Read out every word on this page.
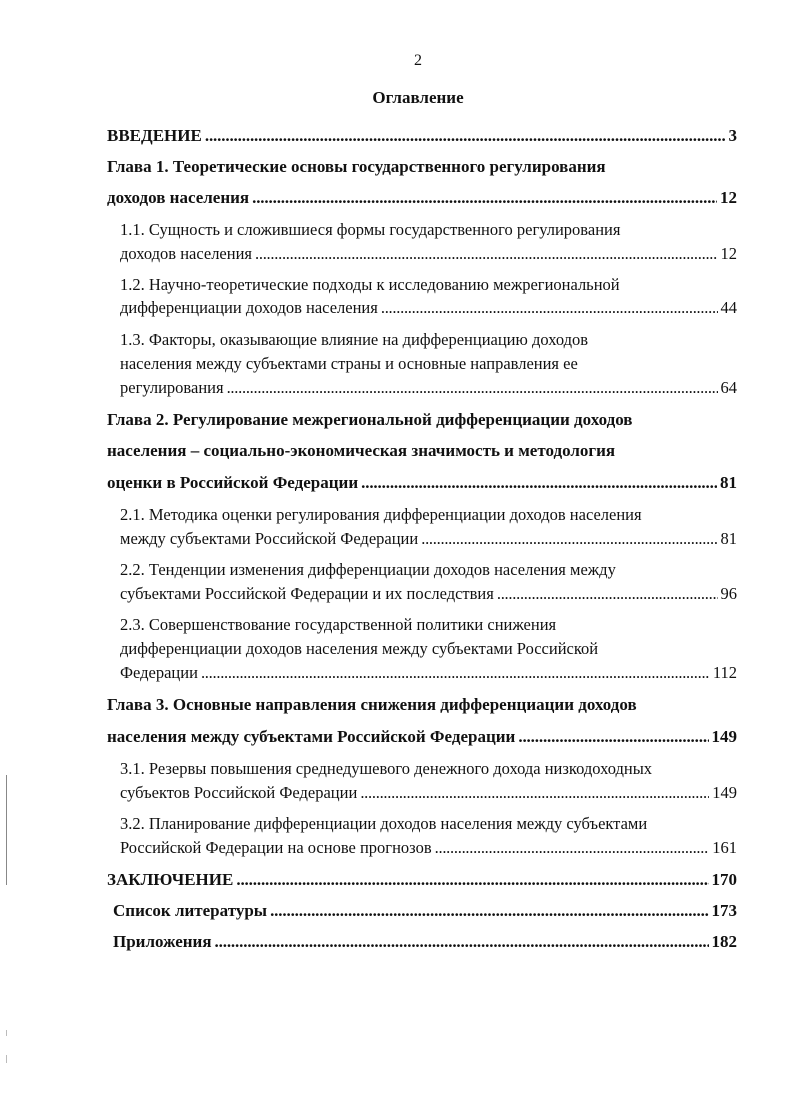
2
Оглавление
ВВЕДЕНИЕ . . .	3
Глава 1. Теоретические основы государственного регулирования
доходов населения . . .	12
1.1. Сущность и сложившиеся формы государственного регулирования
доходов населения . . .	12
1.2. Научно-теоретические подходы к исследованию межрегиональной
дифференциации доходов населения . . .	44
1.3. Факторы, оказывающие влияние на дифференциацию доходов
населения между субъектами страны и основные направления ее
регулирования . . .	64
Глава 2. Регулирование межрегиональной дифференциации доходов
населения – социально-экономическая значимость и методология
оценки в Российской Федерации . . .	81
2.1. Методика оценки регулирования дифференциации доходов населения
между субъектами Российской Федерации . . .	81
2.2. Тенденции изменения дифференциации доходов населения между
субъектами Российской Федерации и их последствия . . .	96
2.3. Совершенствование государственной политики снижения
дифференциации доходов населения между субъектами Российской
Федерации . . .	112
Глава 3. Основные направления снижения дифференциации доходов
населения между субъектами Российской Федерации . . .	149
3.1. Резервы повышения среднедушевого денежного дохода низкодоходных
субъектов Российской Федерации . . .	149
3.2. Планирование дифференциации доходов населения между субъектами
Российской Федерации на основе прогнозов . . .	161
ЗАКЛЮЧЕНИЕ . . .	170
Список литературы . . .	173
Приложения . . .	182
